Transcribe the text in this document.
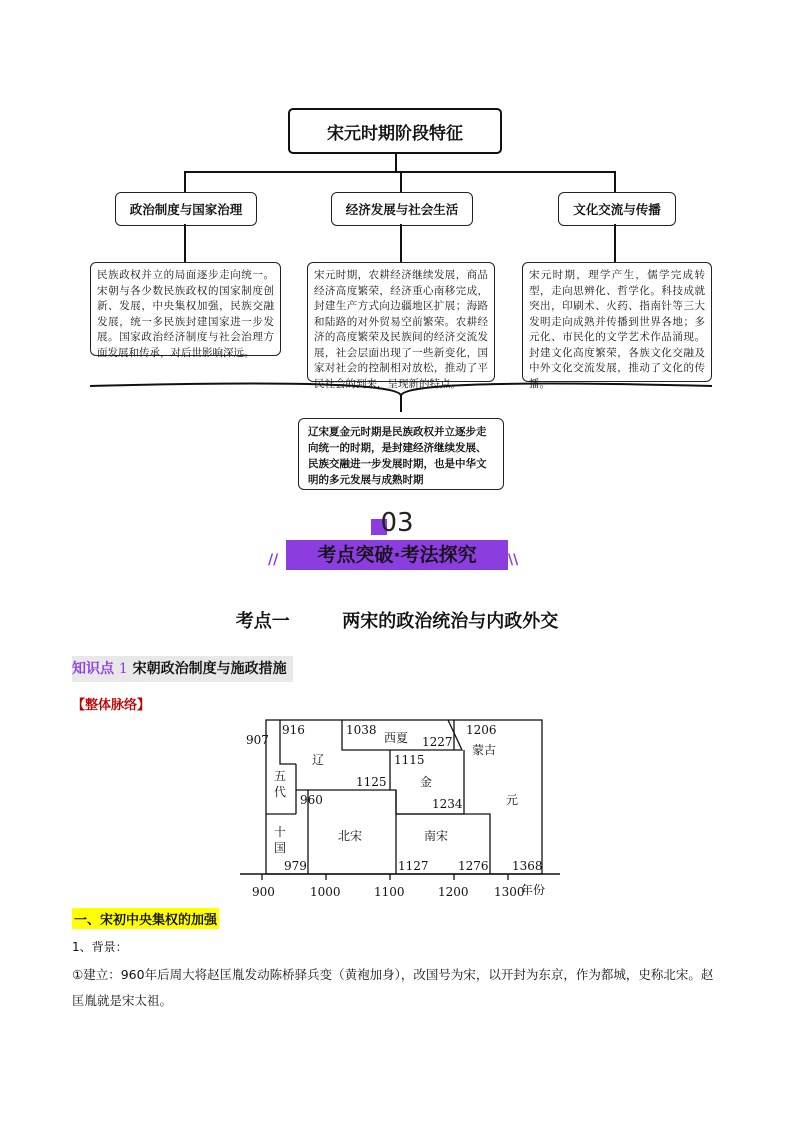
宋元时期阶段特征
政治制度与国家治理	经济发展与社会生活	文化交流与传播
民族政权并立的局面逐步走向统一。宋朝与各少数民族政权的国家制度创新、发展，中央集权加强，民族交融发展，统一多民族封建国家进一步发展。国家政治经济制度与社会治理方面发展和传承，对后世影响深远。
宋元时期，农耕经济继续发展，商品经济高度繁荣，经济重心南移完成，封建生产方式向边疆地区扩展；海路和陆路的对外贸易空前繁荣。农耕经济的高度繁荣及民族间的经济交流发展，社会层面出现了一些新变化，国家对社会的控制相对放松，推动了平民社会的到来，呈现新的特点。
宋元时期，理学产生，儒学完成转型，走向思辨化、哲学化。科技成就突出，印刷术、火药、指南针等三大发明走向成熟并传播到世界各地；多元化、市民化的文学艺术作品涌现。封建文化高度繁荣，各族文化交融及中外文化交流发展，推动了文化的传播。
辽宋夏金元时期是民族政权并立逐步走向统一的时期，是封建经济继续发展、民族交融进一步发展时期，也是中华文明的多元发展与成熟时期
03
考点突破·考法探究
//	\\
考点一	两宋的政治统治与内政外交
知识点 1 宋朝政治制度与施政措施
【整体脉络】
900	1000	1100	1200 1300
年份
辽
西夏
蒙古
五
代
十
国
金
北宋	南宋
元
907
916	1038
1227
1206
1115
1125
960	1234
979	1127 1276 1368
一、宋初中央集权的加强
1、背景：
①建立：960年后周大将赵匡胤发动陈桥驿兵变（黄袍加身），改国号为宋，以开封为东京，作为都城，史称北宋。赵匡胤就是宋太祖。
